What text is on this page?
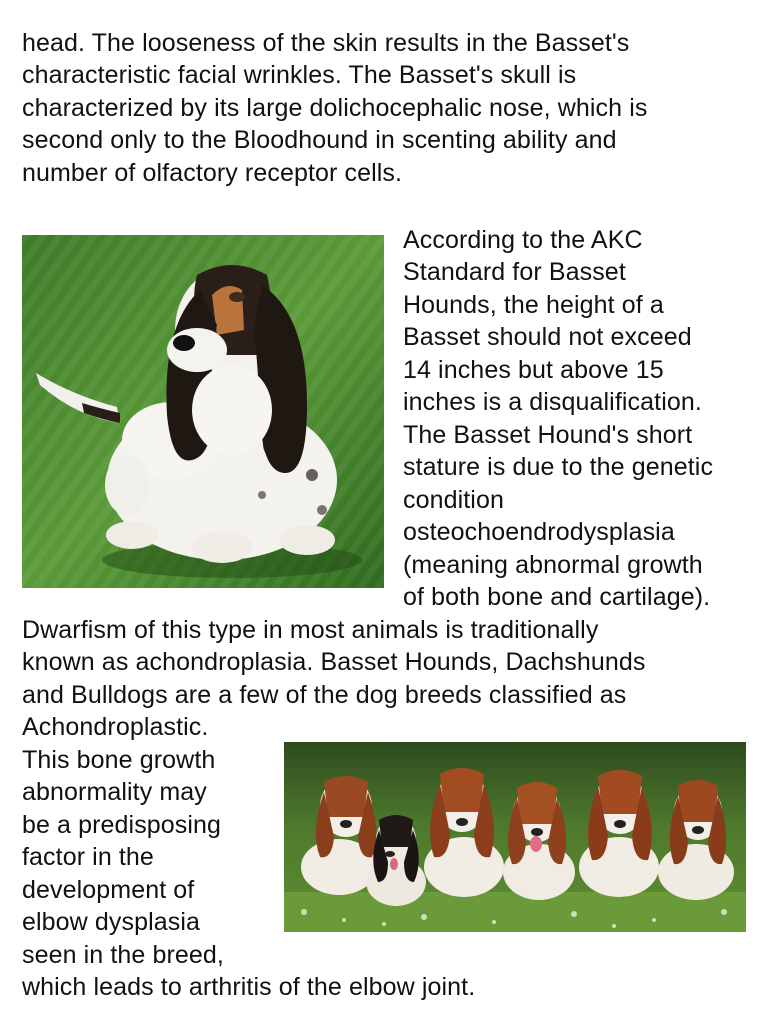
head. The looseness of the skin results in the Basset's
characteristic facial wrinkles. The Basset's skull is
characterized by its large dolichocephalic nose, which is
second only to the Bloodhound in scenting ability and
number of olfactory receptor cells.
According to the AKC
Standard for Basset
Hounds, the height of a
Basset should not exceed
14 inches but above 15
inches is a disqualification.
The Basset Hound's short
stature is due to the genetic
condition
osteochoendrodysplasia
(meaning abnormal growth
of both bone and cartilage).
Dwarfism of this type in most animals is traditionally
known as achondroplasia. Basset Hounds, Dachshunds
and Bulldogs are a few of the dog breeds classified as
Achondroplastic.
This bone growth
abnormality may
be a predisposing
factor in the
development of
elbow dysplasia
seen in the breed,
which leads to arthritis of the elbow joint.
